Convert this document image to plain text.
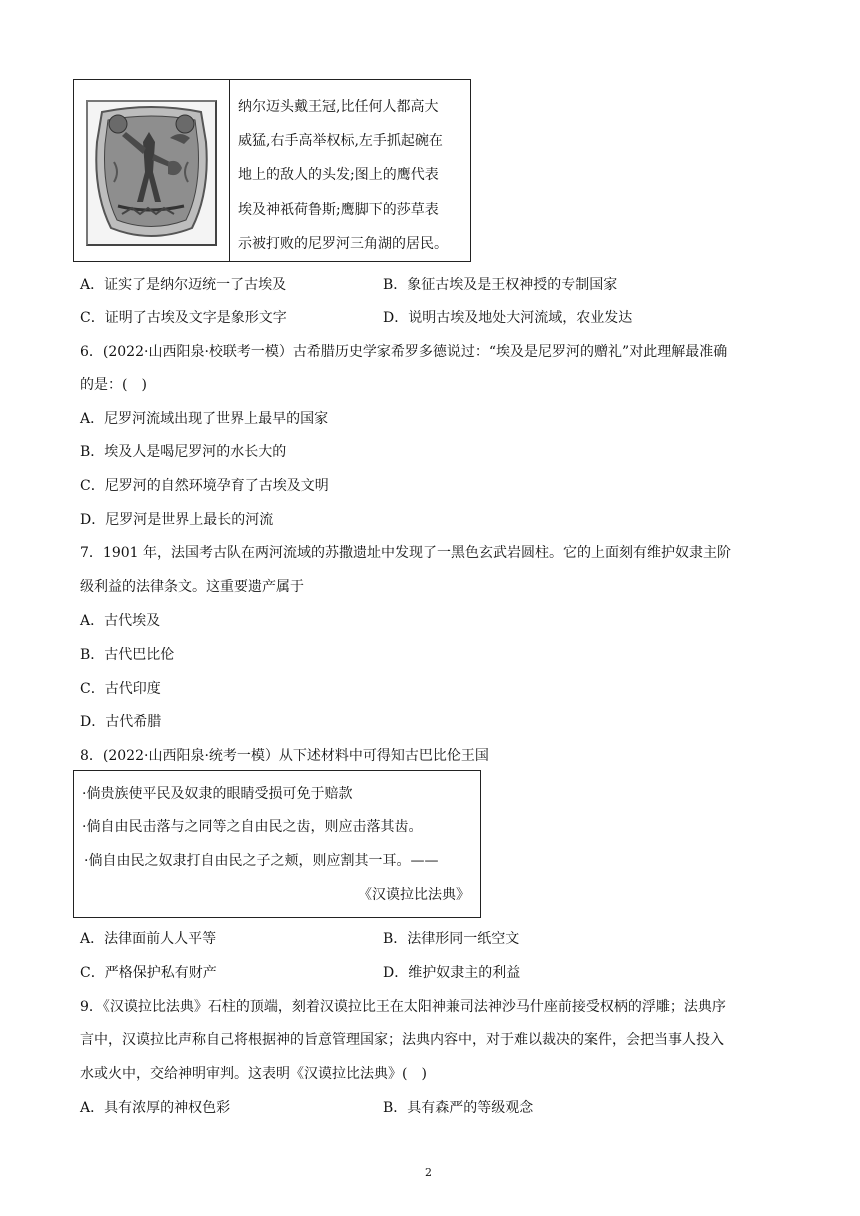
纳尔迈头戴王冠,比任何人都高大
威猛,右手高举权标,左手抓起碗在
地上的敌人的头发;图上的鹰代表
埃及神祇荷鲁斯;鹰脚下的莎草表
示被打败的尼罗河三角湖的居民。
A．证实了是纳尔迈统一了古埃及	B．象征古埃及是王权神授的专制国家
C．证明了古埃及文字是象形文字	D．说明古埃及地处大河流域，农业发达
6．(2022·山西阳泉·校联考一模）古希腊历史学家希罗多德说过：“埃及是尼罗河的赠礼”对此理解最准确
的是：(　)
A．尼罗河流域出现了世界上最早的国家
B．埃及人是喝尼罗河的水长大的
C．尼罗河的自然环境孕育了古埃及文明
D．尼罗河是世界上最长的河流
7．1901 年，法国考古队在两河流域的苏撒遗址中发现了一黑色玄武岩圆柱。它的上面刻有维护奴隶主阶
级利益的法律条文。这重要遗产属于
A．古代埃及
B．古代巴比伦
C．古代印度
D．古代希腊
8．(2022·山西阳泉·统考一模）从下述材料中可得知古巴比伦王国
·倘贵族使平民及奴隶的眼睛受损可免于赔款
·倘自由民击落与之同等之自由民之齿，则应击落其齿。
·倘自由民之奴隶打自由民之子之颊，则应割其一耳。——
《汉谟拉比法典》
A．法律面前人人平等	B．法律形同一纸空文
C．严格保护私有财产	D．维护奴隶主的利益
9．《汉谟拉比法典》石柱的顶端，刻着汉谟拉比王在太阳神兼司法神沙马什座前接受权柄的浮雕；法典序
言中，汉谟拉比声称自己将根据神的旨意管理国家；法典内容中，对于难以裁决的案件，会把当事人投入
水或火中，交给神明审判。这表明《汉谟拉比法典》(　)
A．具有浓厚的神权色彩	B．具有森严的等级观念
2
